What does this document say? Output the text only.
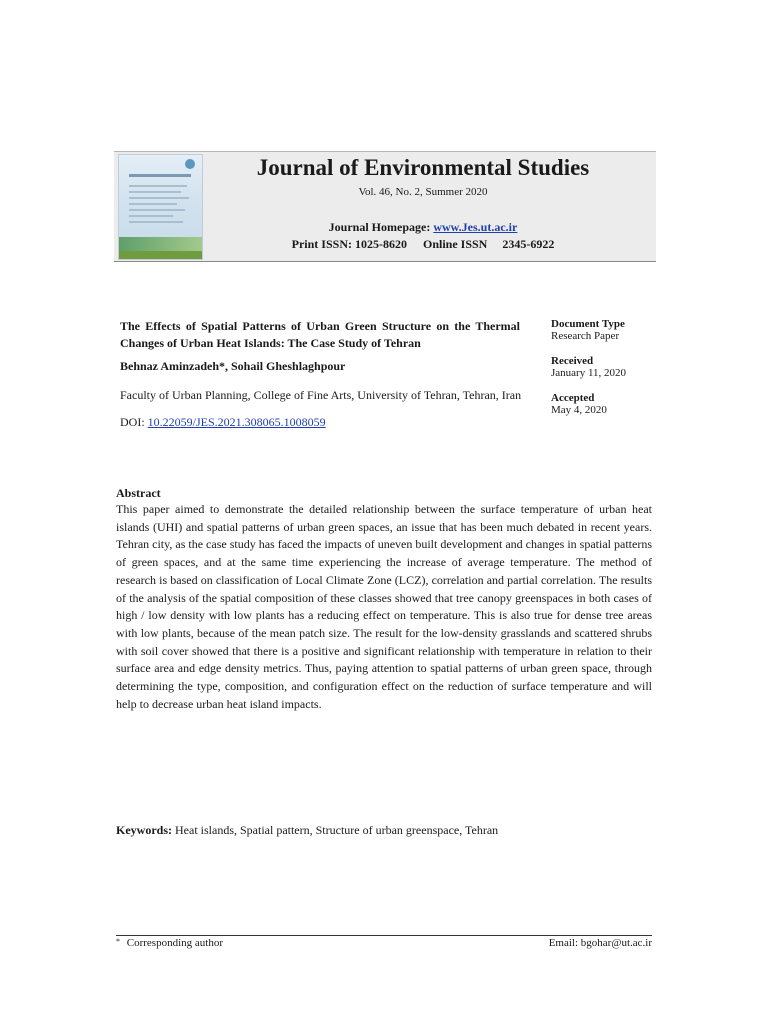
Journal of Environmental Studies
Vol. 46, No. 2, Summer 2020
Journal Homepage: www.Jes.ut.ac.ir
Print ISSN: 1025-8620 Online ISSN     2345-6922

The Effects of Spatial Patterns of Urban Green Structure on the Thermal Changes of Urban Heat Islands: The Case Study of Tehran

Behnaz Aminzadeh*, Sohail Gheshlaghpour
Faculty of Urban Planning, College of Fine Arts, University of Tehran, Tehran, Iran
DOI: 10.22059/JES.2021.308065.1008059
Document Type
Research Paper
Received
January 11, 2020
Accepted
May 4, 2020
Abstract

This paper aimed to demonstrate the detailed relationship between the surface temperature of urban heat islands (UHI) and spatial patterns of urban green spaces, an issue that has been much debated in recent years. Tehran city, as the case study has faced the impacts of uneven built development and changes in spatial patterns of green spaces, and at the same time experiencing the increase of average temperature. The method of research is based on classification of Local Climate Zone (LCZ), correlation and partial correlation. The results of the analysis of the spatial composition of these classes showed that tree canopy greenspaces in both cases of high / low density with low plants has a reducing effect on temperature. This is also true for dense tree areas with low plants, because of the mean patch size. The result for the low-density grasslands and scattered shrubs with soil cover showed that there is a positive and significant relationship with temperature in relation to their surface area and edge density metrics. Thus, paying attention to spatial patterns of urban green space, through determining the type, composition, and configuration effect on the reduction of surface temperature and will help to decrease urban heat island impacts.

Keywords: Heat islands, Spatial pattern, Structure of urban greenspace, Tehran
* Corresponding author	Email: bgohar@ut.ac.ir
